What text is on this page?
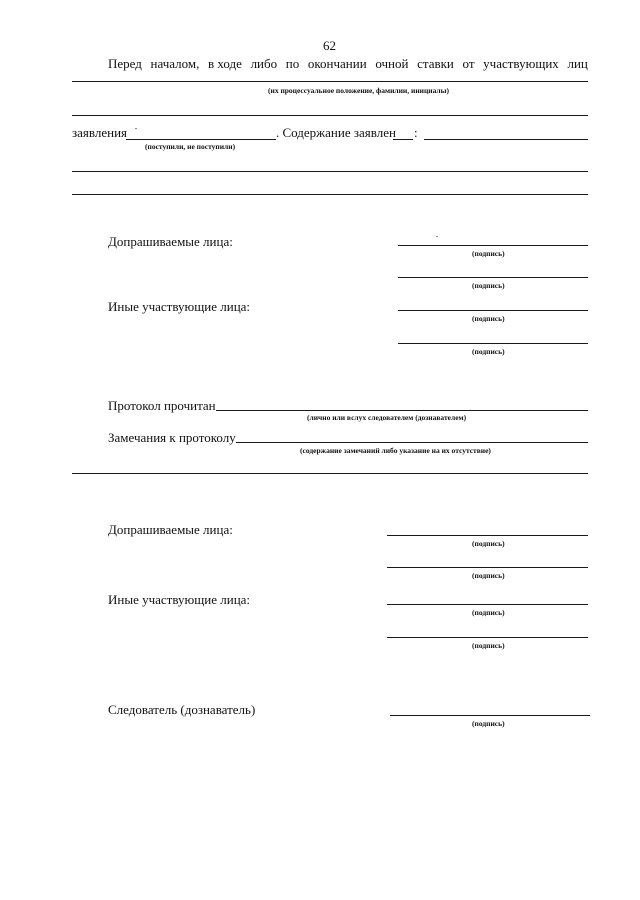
62
Перед началом, в ходе либо по окончании очной ставки от участвующих лиц
(их процессуальное положение, фамилии, инициалы)
заявления	. Содержание заявлен :
(поступили, не поступили)
Допрашиваемые лица:
(подпись)
(подпись)
Иные участвующие лица:
(подпись)
(подпись)
Протокол прочитан
(лично или вслух следователем (дознавателем)
Замечания к протоколу
(содержание замечаний либо указание на их отсутствие)
Допрашиваемые лица:
(подпись)
(подпись)
Иные участвующие лица:
(подпись)
(подпись)
Следователь (дознаватель)
(подпись)
